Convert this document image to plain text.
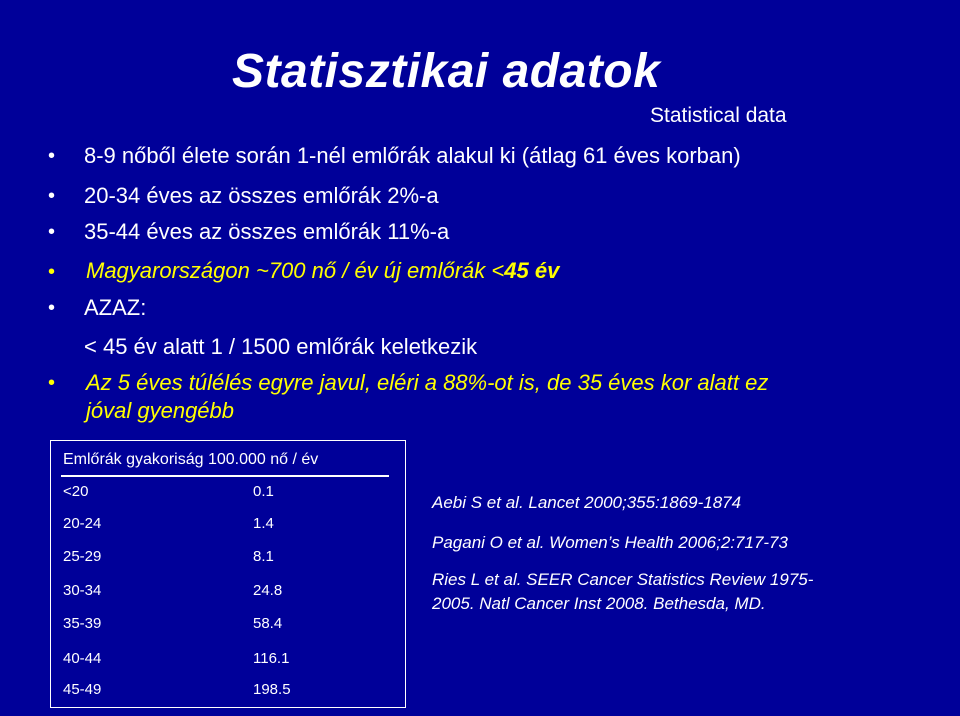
Statisztikai adatok
Statistical data
• 8-9 nőből élete során 1-nél emlőrák alakul ki (átlag 61 éves korban)
• 20-34 éves az összes emlőrák 2%-a
• 35-44 éves az összes emlőrák 11%-a
• Magyarországon ~700 nő / év új emlőrák <45 év
• AZAZ:
< 45 év alatt 1 / 1500 emlőrák keletkezik
• Az 5 éves túlélés egyre javul, eléri a 88%-ot is, de 35 éves kor alatt ez
jóval gyengébb
Emlőrák gyakoriság 100.000 nő / év
<20	0.1
20-24	1.4
25-29	8.1
30-34	24.8
35-39	58.4
40-44	116.1
45-49	198.5
Aebi S et al. Lancet 2000;355:1869-1874
Pagani O et al. Women’s Health 2006;2:717-73
Ries L et al. SEER Cancer Statistics Review 1975-
2005. Natl Cancer Inst 2008. Bethesda, MD.
